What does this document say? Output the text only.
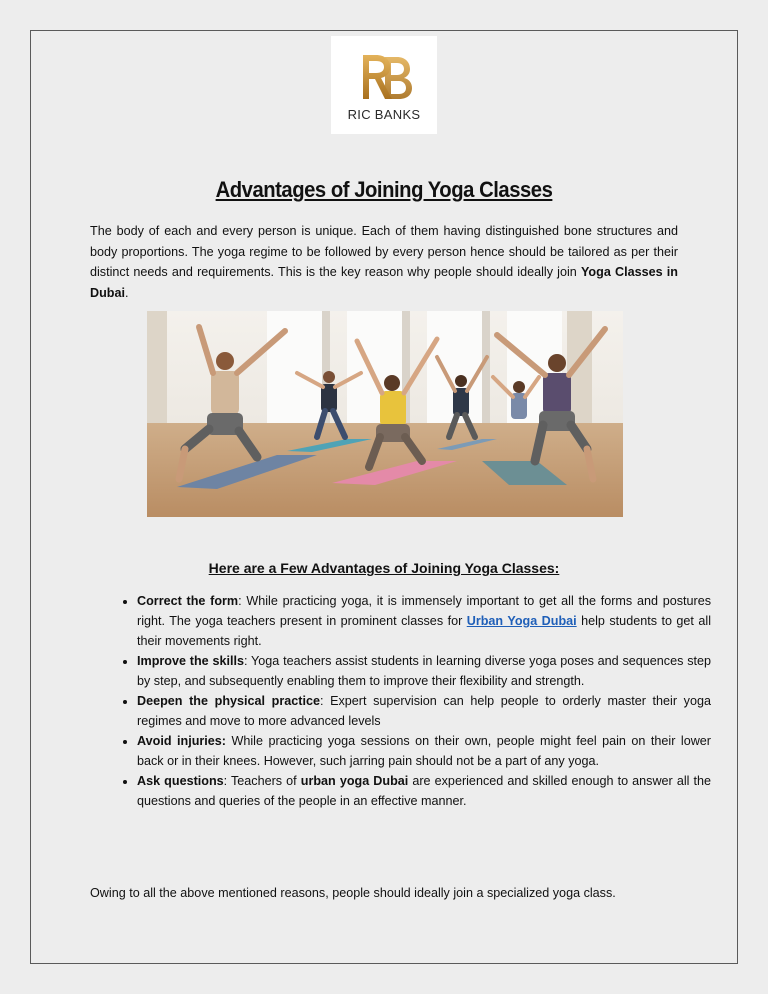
RIC BANKS
Advantages of Joining Yoga Classes
The body of each and every person is unique. Each of them having distinguished bone structures and body proportions. The yoga regime to be followed by every person hence should be tailored as per their distinct needs and requirements. This is the key reason why people should ideally join Yoga Classes in Dubai.
Here are a Few Advantages of Joining Yoga Classes:
• Correct the form: While practicing yoga, it is immensely important to get all the forms and postures right. The yoga teachers present in prominent classes for Urban Yoga Dubai help students to get all their movements right.
• Improve the skills: Yoga teachers assist students in learning diverse yoga poses and sequences step by step, and subsequently enabling them to improve their flexibility and strength.
• Deepen the physical practice: Expert supervision can help people to orderly master their yoga regimes and move to more advanced levels
• Avoid injuries: While practicing yoga sessions on their own, people might feel pain on their lower back or in their knees. However, such jarring pain should not be a part of any yoga.
• Ask questions: Teachers of urban yoga Dubai are experienced and skilled enough to answer all the questions and queries of the people in an effective manner.
Owing to all the above mentioned reasons, people should ideally join a specialized yoga class.
